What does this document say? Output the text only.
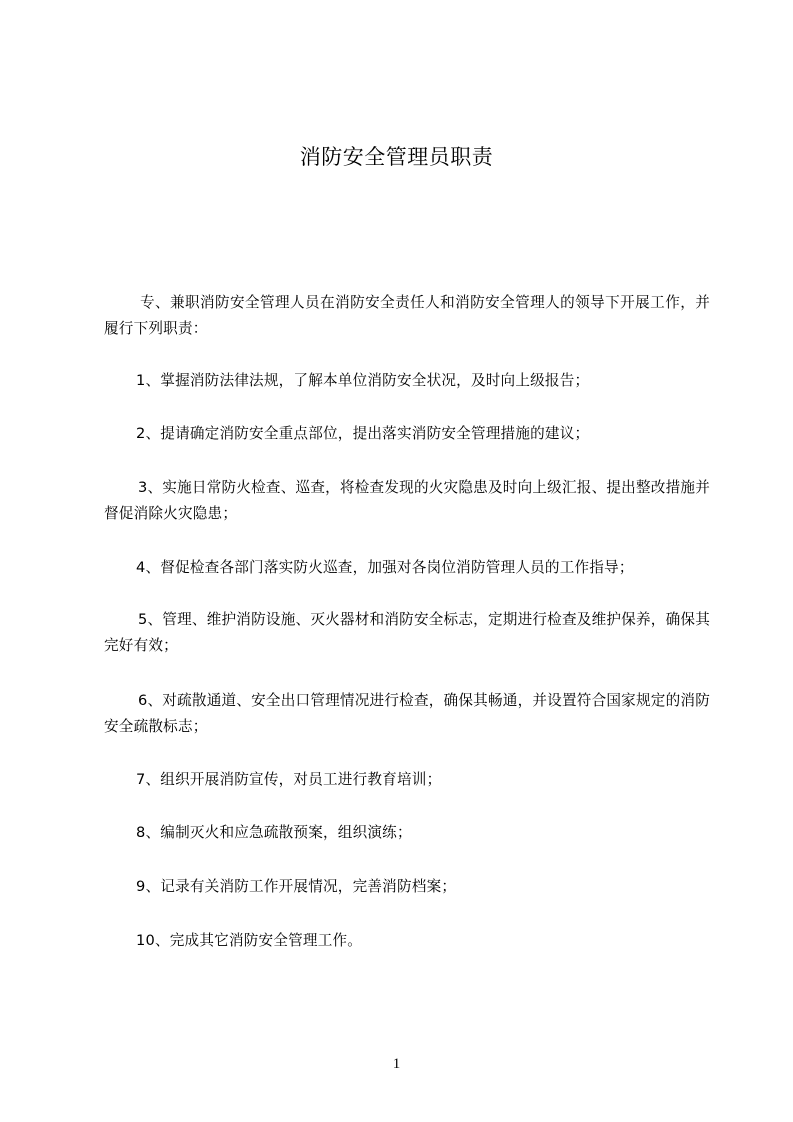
消防安全管理员职责

专、兼职消防安全管理人员在消防安全责任人和消防安全管理人的领导下开展工作，并履行下列职责：

1、掌握消防法律法规，了解本单位消防安全状况，及时向上级报告；

2、提请确定消防安全重点部位，提出落实消防安全管理措施的建议；

3、实施日常防火检查、巡查，将检查发现的火灾隐患及时向上级汇报、提出整改措施并督促消除火灾隐患；

4、督促检查各部门落实防火巡查，加强对各岗位消防管理人员的工作指导；

5、管理、维护消防设施、灭火器材和消防安全标志，定期进行检查及维护保养，确保其完好有效；

6、对疏散通道、安全出口管理情况进行检查，确保其畅通，并设置符合国家规定的消防安全疏散标志；

7、组织开展消防宣传，对员工进行教育培训；

8、编制灭火和应急疏散预案，组织演练；

9、记录有关消防工作开展情况，完善消防档案；

10、完成其它消防安全管理工作。

1
